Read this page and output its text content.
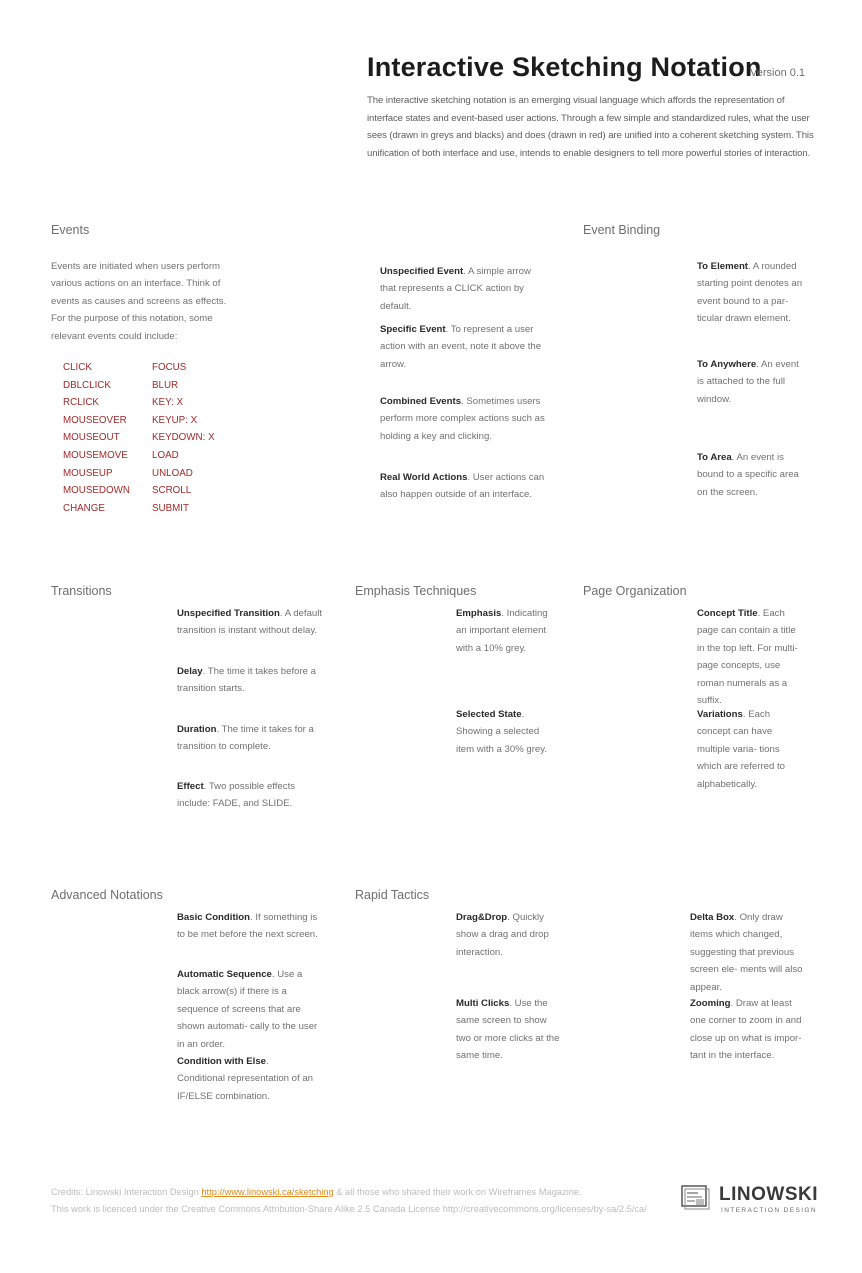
Interactive Sketching Notation
Version 0.1
The interactive sketching notation is an emerging visual language which affords the representation of interface states and event-based user actions. Through a few simple and standardized rules, what the user sees (drawn in greys and blacks) and does (drawn in red) are unified into a coherent sketching system. This unification of both interface and use, intends to enable designers to tell more powerful stories of interaction.
Events
Events are initiated when users perform various actions on an interface. Think of events as causes and screens as effects. For the purpose of this notation, some relevant events could include:
CLICK
DBLCLICK
RCLICK
MOUSEOVER
MOUSEOUT
MOUSEMOVE
MOUSEUP
MOUSEDOWN
CHANGE
FOCUS
BLUR
KEY: X
KEYUP: X
KEYDOWN: X
LOAD
UNLOAD
SCROLL
SUBMIT
Unspecified Event. A simple arrow that represents a CLICK action by default.
Specific Event. To represent a user action with an event, note it above the arrow.
Combined Events. Sometimes users perform more complex actions such as holding a key and clicking.
Real World Actions. User actions can also happen outside of an interface.
Event Binding
To Element. A rounded starting point denotes an event bound to a par- ticular drawn element.
To Anywhere. An event is attached to the full window.
To Area. An event is bound to a specific area on the screen.
Transitions
Unspecified Transition. A default transition is instant without delay.
Delay. The time it takes before a transition starts.
Duration. The time it takes for a transition to complete.
Effect. Two possible effects include: FADE, and SLIDE.
Emphasis Techniques
Emphasis. Indicating an important element with a 10% grey.
Selected State. Showing a selected item with a 30% grey.
Page Organization
Concept Title. Each page can contain a title in the top left. For multi-page concepts, use roman numerals as a suffix.
Variations. Each concept can have multiple varia- tions which are referred to alphabetically.
Advanced Notations
Basic Condition. If something is to be met before the next screen.
Automatic Sequence. Use a black arrow(s) if there is a sequence of screens that are shown automati- cally to the user in an order.
Condition with Else. Conditional representation of an IF/ELSE combination.
Rapid Tactics
Drag&Drop. Quickly show a drag and drop interaction.
Multi Clicks. Use the same screen to show two or more clicks at the same time.
Delta Box. Only draw items which changed, suggesting that previous screen ele- ments will also appear.
Zooming. Draw at least one corner to zoom in and close up on what is impor- tant in the interface.
Credits: Linowski Interaction Design http://www.linowski.ca/sketching & all those who shared their work on Wireframes Magazine.
This work is licenced under the Creative Commons Attribution-Share Alike 2.5 Canada License http://creativecommons.org/licenses/by-sa/2.5/ca/
LINOWSKI
INTERACTION DESIGN
